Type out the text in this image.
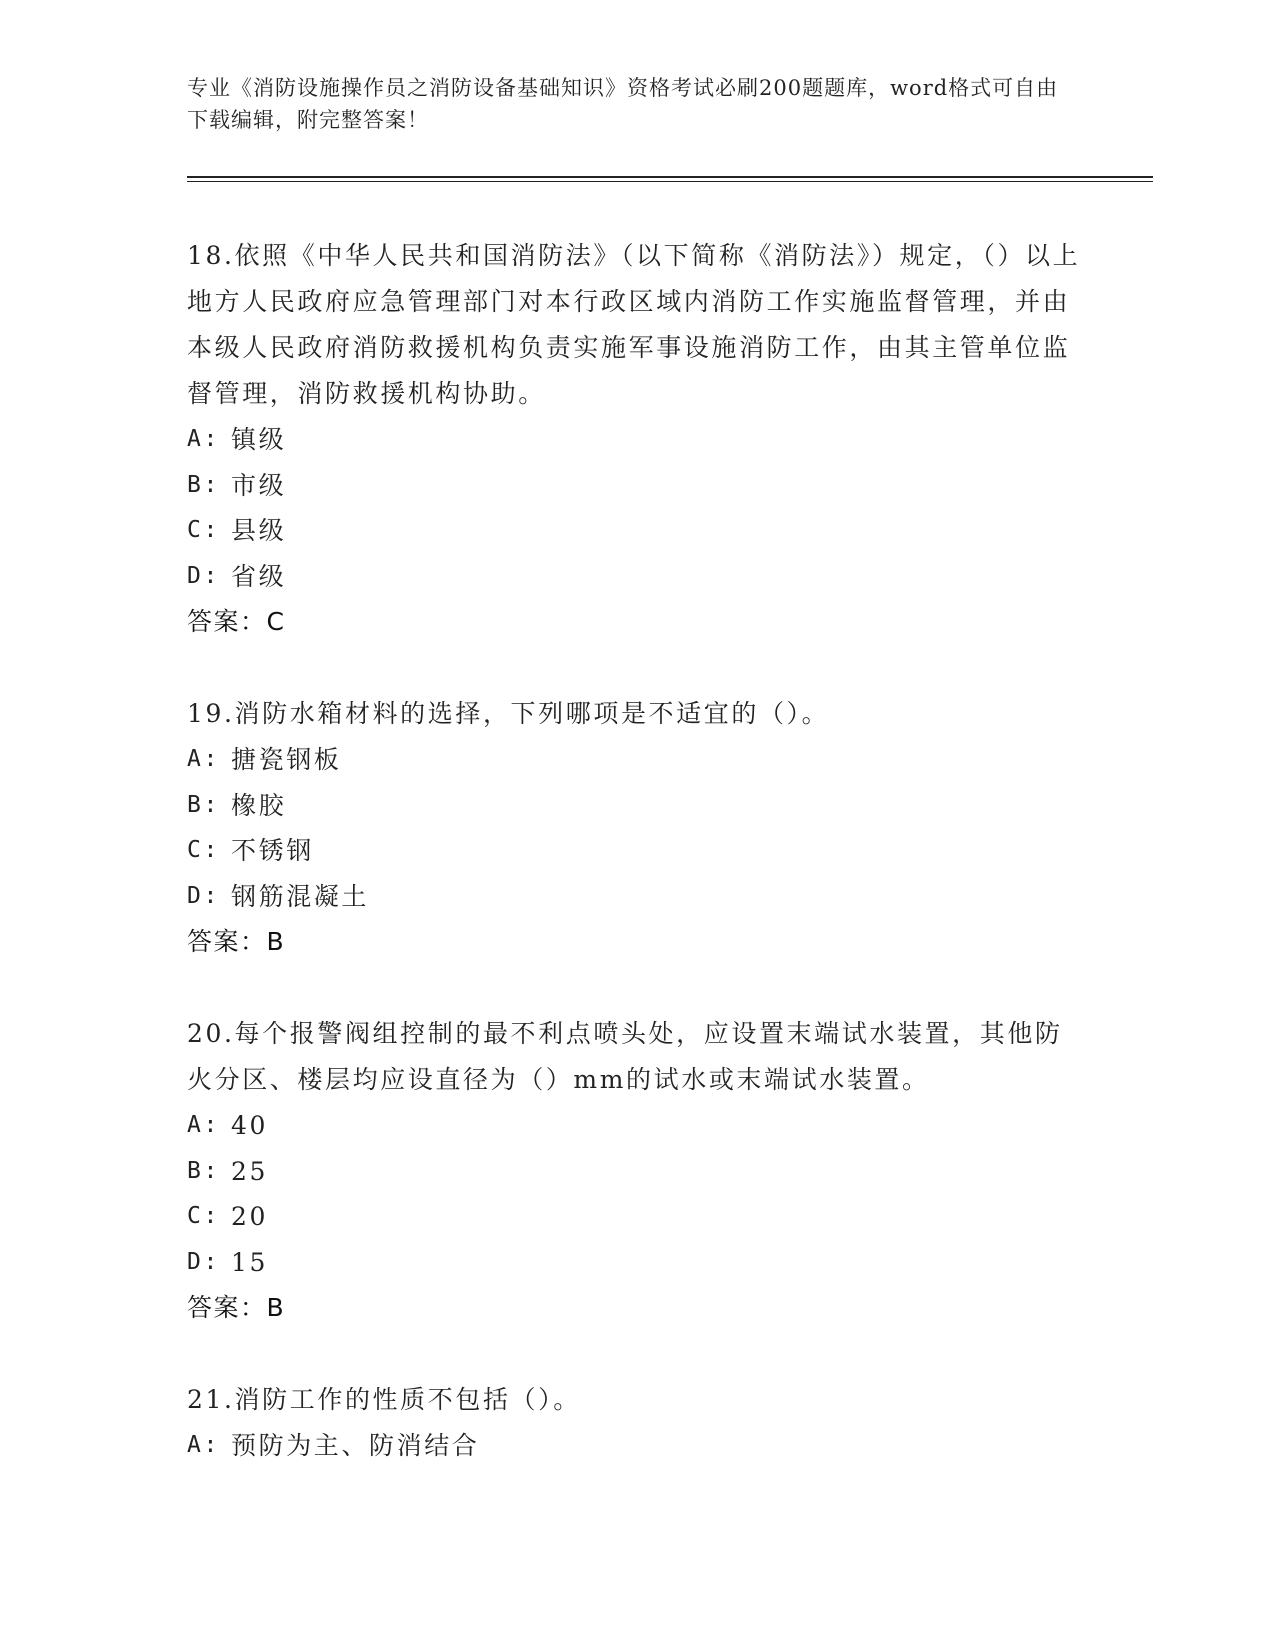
专业《消防设施操作员之消防设备基础知识》资格考试必刷200题题库，word格式可自由下载编辑，附完整答案！
18.依照《中华人民共和国消防法》（以下简称《消防法》）规定，（）以上地方人民政府应急管理部门对本行政区域内消防工作实施监督管理，并由本级人民政府消防救援机构负责实施军事设施消防工作，由其主管单位监督管理，消防救援机构协助。
A: 镇级
B: 市级
C: 县级
D: 省级
答案：C
19.消防水箱材料的选择，下列哪项是不适宜的（）。
A: 搪瓷钢板
B: 橡胶
C: 不锈钢
D: 钢筋混凝土
答案：B
20.每个报警阀组控制的最不利点喷头处，应设置末端试水装置，其他防火分区、楼层均应设直径为（）mm的试水或末端试水装置。
A: 40
B: 25
C: 20
D: 15
答案：B
21.消防工作的性质不包括（）。
A: 预防为主、防消结合
